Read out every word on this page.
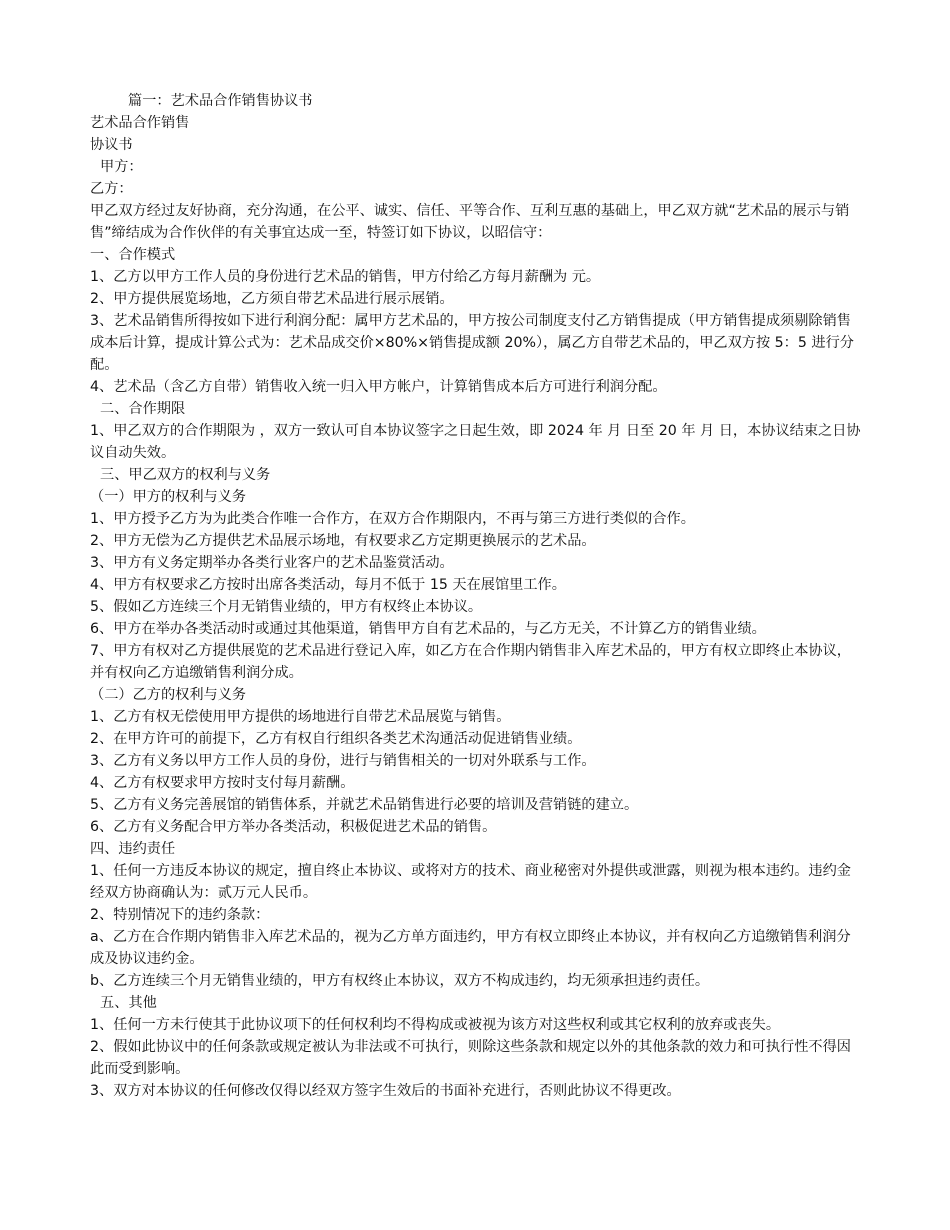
篇一：艺术品合作销售协议书

艺术品合作销售

协议书

甲方：

乙方：

甲乙双方经过友好协商，充分沟通，在公平、诚实、信任、平等合作、互利互惠的基础上，甲乙双方就“艺术品的展示与销售”缔结成为合作伙伴的有关事宜达成一至，特签订如下协议，以昭信守：

一、合作模式

1、乙方以甲方工作人员的身份进行艺术品的销售，甲方付给乙方每月薪酬为 元。

2、甲方提供展览场地，乙方须自带艺术品进行展示展销。

3、艺术品销售所得按如下进行利润分配：属甲方艺术品的，甲方按公司制度支付乙方销售提成（甲方销售提成须剔除销售成本后计算，提成计算公式为：艺术品成交价×80%×销售提成额 20%），属乙方自带艺术品的，甲乙双方按 5：5 进行分配。

4、艺术品（含乙方自带）销售收入统一归入甲方帐户，计算销售成本后方可进行利润分配。

二、合作期限

1、甲乙双方的合作期限为 ，双方一致认可自本协议签字之日起生效，即 2024 年 月 日至 20 年 月 日，本协议结束之日协议自动失效。

三、甲乙双方的权利与义务

（一）甲方的权利与义务

1、甲方授予乙方为为此类合作唯一合作方，在双方合作期限内，不再与第三方进行类似的合作。

2、甲方无偿为乙方提供艺术品展示场地，有权要求乙方定期更换展示的艺术品。

3、甲方有义务定期举办各类行业客户的艺术品鉴赏活动。

4、甲方有权要求乙方按时出席各类活动，每月不低于 15 天在展馆里工作。

5、假如乙方连续三个月无销售业绩的，甲方有权终止本协议。

6、甲方在举办各类活动时或通过其他渠道，销售甲方自有艺术品的，与乙方无关，不计算乙方的销售业绩。

7、甲方有权对乙方提供展览的艺术品进行登记入库，如乙方在合作期内销售非入库艺术品的，甲方有权立即终止本协议，并有权向乙方追缴销售利润分成。

（二）乙方的权利与义务

1、乙方有权无偿使用甲方提供的场地进行自带艺术品展览与销售。

2、在甲方许可的前提下，乙方有权自行组织各类艺术沟通活动促进销售业绩。

3、乙方有义务以甲方工作人员的身份，进行与销售相关的一切对外联系与工作。

4、乙方有权要求甲方按时支付每月薪酬。

5、乙方有义务完善展馆的销售体系，并就艺术品销售进行必要的培训及营销链的建立。

6、乙方有义务配合甲方举办各类活动，积极促进艺术品的销售。

四、违约责任

1、任何一方违反本协议的规定，擅自终止本协议、或将对方的技术、商业秘密对外提供或泄露，则视为根本违约。违约金经双方协商确认为：贰万元人民币。

2、特别情况下的违约条款：

a、乙方在合作期内销售非入库艺术品的，视为乙方单方面违约，甲方有权立即终止本协议，并有权向乙方追缴销售利润分成及协议违约金。

b、乙方连续三个月无销售业绩的，甲方有权终止本协议，双方不构成违约，均无须承担违约责任。

五、其他

1、任何一方未行使其于此协议项下的任何权利均不得构成或被视为该方对这些权利或其它权利的放弃或丧失。

2、假如此协议中的任何条款或规定被认为非法或不可执行，则除这些条款和规定以外的其他条款的效力和可执行性不得因此而受到影响。

3、双方对本协议的任何修改仅得以经双方签字生效后的书面补充进行，否则此协议不得更改。
